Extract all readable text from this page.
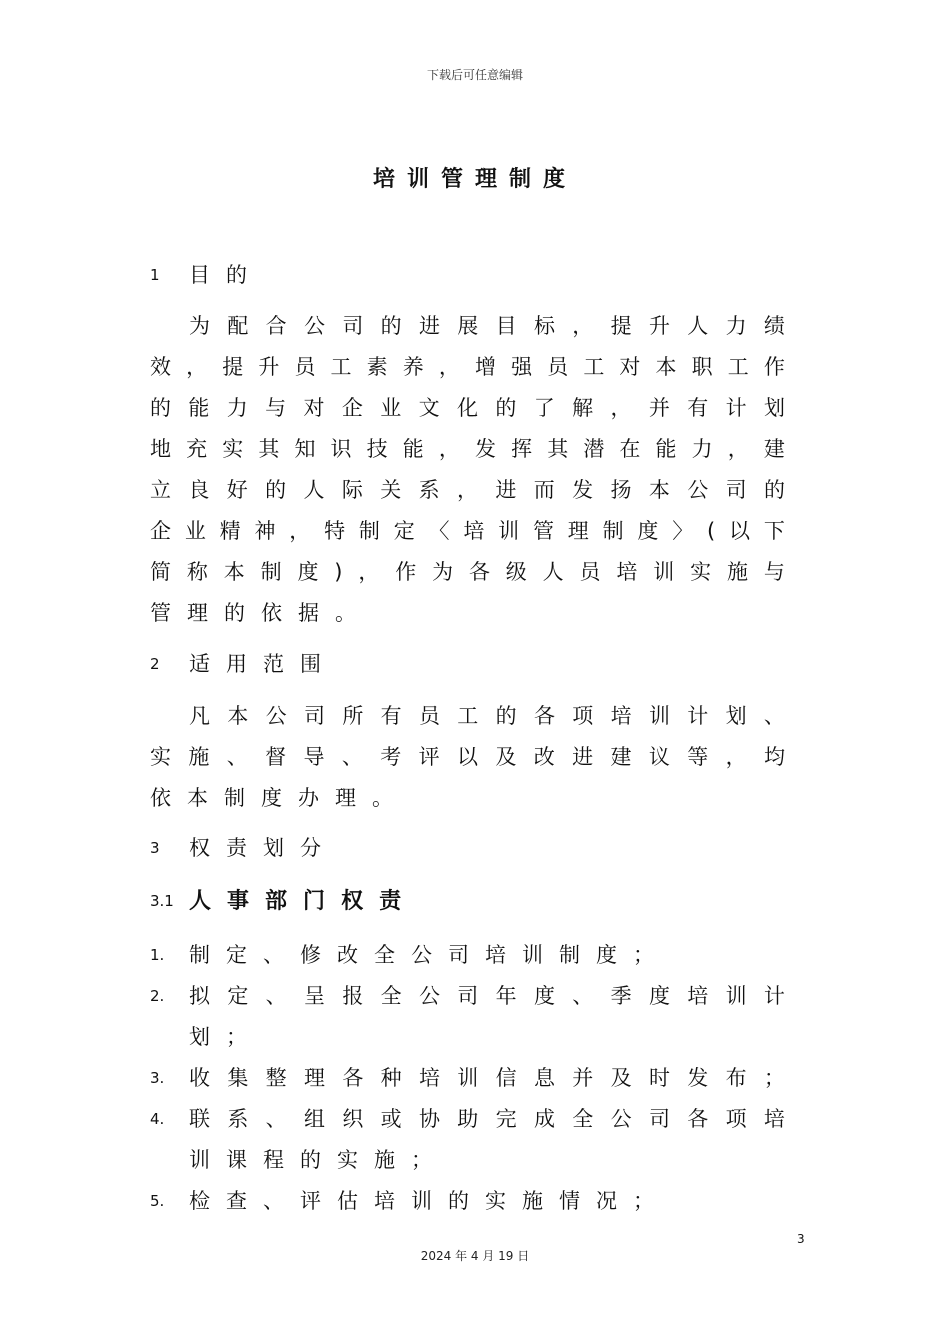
下载后可任意编辑
培训管理制度
1 目 的
为 配 合 公 司 的 进 展 目 标 ， 提 升 人 力 绩
效 ， 提 升 员 工 素 养 ， 增 强 员 工 对 本 职 工 作
的 能 力 与 对 企 业 文 化 的 了 解 ， 并 有 计 划
地 充 实 其 知 识 技 能 ， 发 挥 其 潜 在 能 力 ， 建
立 良 好 的 人 际 关 系 ， 进 而 发 扬 本 公 司 的
企 业 精 神 ， 特 制 定 〈 培 训 管 理 制 度 〉 ( 以 下
简 称 本 制 度 ) ， 作 为 各 级 人 员 培 训 实 施 与
管 理 的 依 据 。
2 适 用 范 围
凡 本 公 司 所 有 员 工 的 各 项 培 训 计 划 、
实 施 、 督 导 、 考 评 以 及 改 进 建 议 等 ， 均
依 本 制 度 办 理 。
3 权 责 划 分
3.1 人 事 部 门 权 责
1. 制 定 、 修 改 全 公 司 培 训 制 度 ；
2. 拟 定 、 呈 报 全 公 司 年 度 、 季 度 培 训 计
划 ；
3. 收 集 整 理 各 种 培 训 信 息 并 及 时 发 布 ；
4. 联 系 、 组 织 或 协 助 完 成 全 公 司 各 项 培
训 课 程 的 实 施 ；
5. 检 查 、 评 估 培 训 的 实 施 情 况 ；
3
2024 年 4 月 19 日
